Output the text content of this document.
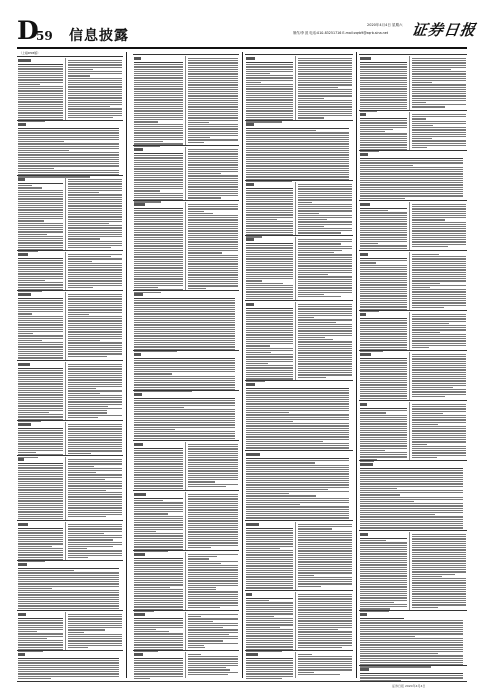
D
59 信息披露
2020年4月4日 星期六
制作/李 波 电话:010-83251716 E-mail:zqrb9@zqrb.sina.net 证券日报
（上接D58版）
证券日报 2020年4月4日
